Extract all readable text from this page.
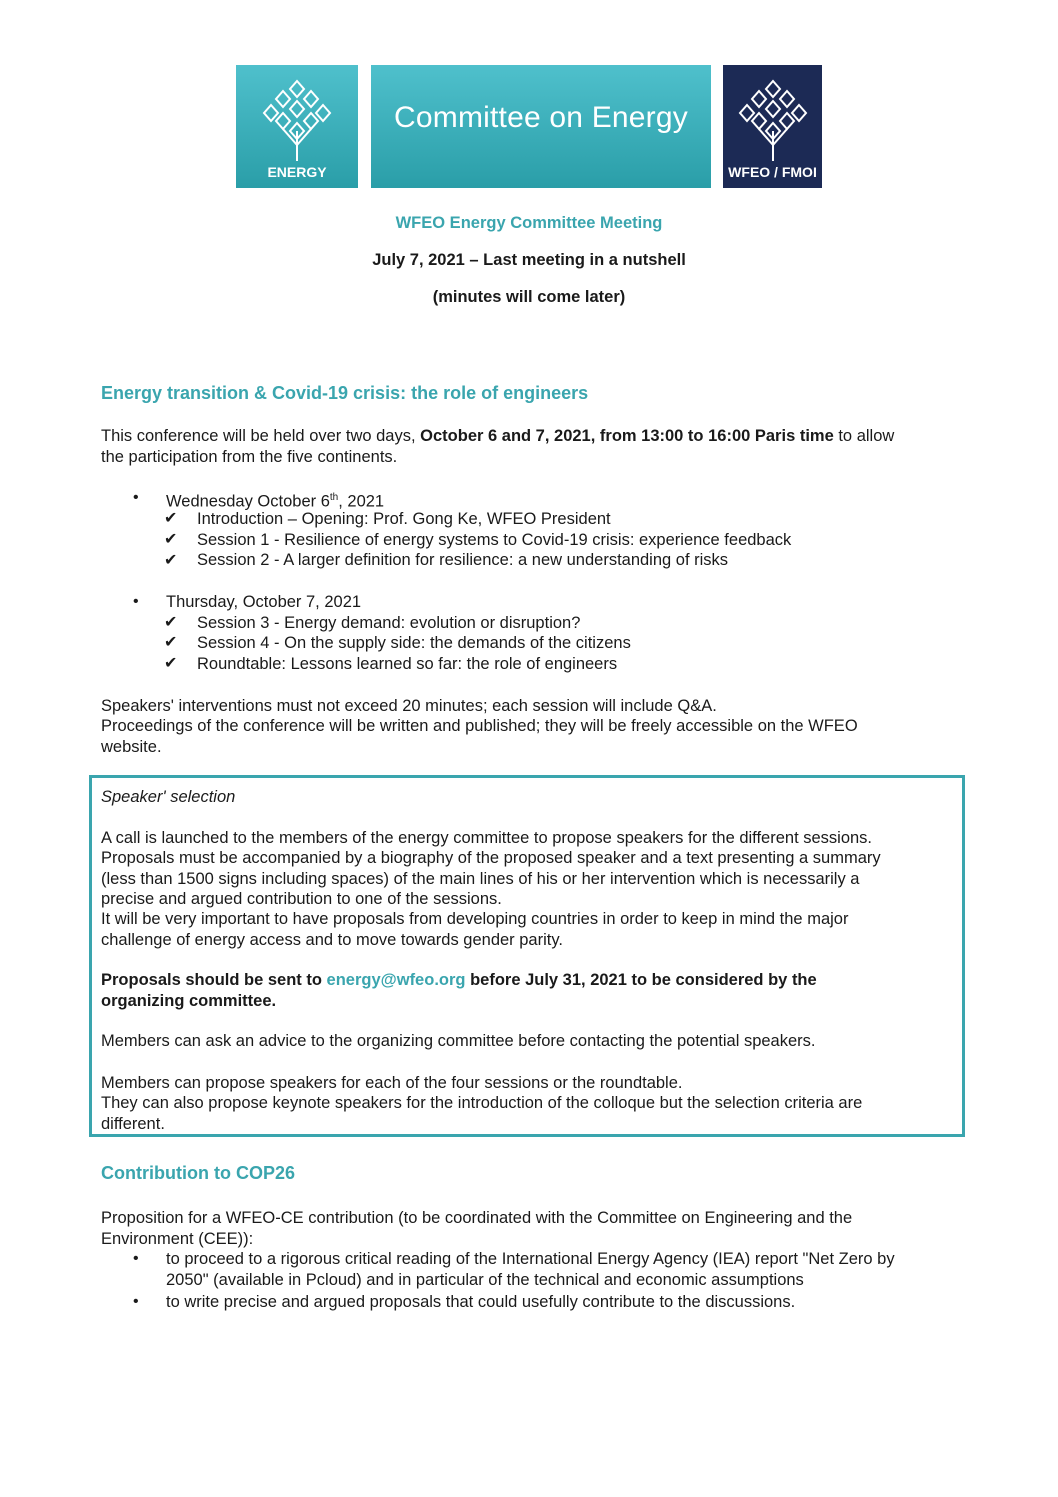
ENERGY
Committee on Energy
WFEO / FMOI
WFEO Energy Committee Meeting
July 7, 2021 – Last meeting in a nutshell
(minutes will come later)
Energy transition & Covid-19 crisis: the role of engineers
This conference will be held over two days, October 6 and 7, 2021, from 13:00 to 16:00 Paris time to allow
the participation from the five continents.
• Wednesday October 6th, 2021
✔ Introduction – Opening: Prof. Gong Ke, WFEO President
✔ Session 1 - Resilience of energy systems to Covid-19 crisis: experience feedback
✔ Session 2 - A larger definition for resilience: a new understanding of risks
• Thursday, October 7, 2021
✔ Session 3 - Energy demand: evolution or disruption?
✔ Session 4 - On the supply side: the demands of the citizens
✔ Roundtable: Lessons learned so far: the role of engineers
Speakers' interventions must not exceed 20 minutes; each session will include Q&A.
Proceedings of the conference will be written and published; they will be freely accessible on the WFEO
website.
Speaker' selection
A call is launched to the members of the energy committee to propose speakers for the different sessions.
Proposals must be accompanied by a biography of the proposed speaker and a text presenting a summary
(less than 1500 signs including spaces) of the main lines of his or her intervention which is necessarily a
precise and argued contribution to one of the sessions.
It will be very important to have proposals from developing countries in order to keep in mind the major
challenge of energy access and to move towards gender parity.
Proposals should be sent to energy@wfeo.org before July 31, 2021 to be considered by the
organizing committee.
Members can ask an advice to the organizing committee before contacting the potential speakers.
Members can propose speakers for each of the four sessions or the roundtable.
They can also propose keynote speakers for the introduction of the colloque but the selection criteria are
different.
Contribution to COP26
Proposition for a WFEO-CE contribution (to be coordinated with the Committee on Engineering and the
Environment (CEE)):
• to proceed to a rigorous critical reading of the International Energy Agency (IEA) report "Net Zero by
2050" (available in Pcloud) and in particular of the technical and economic assumptions
• to write precise and argued proposals that could usefully contribute to the discussions.
